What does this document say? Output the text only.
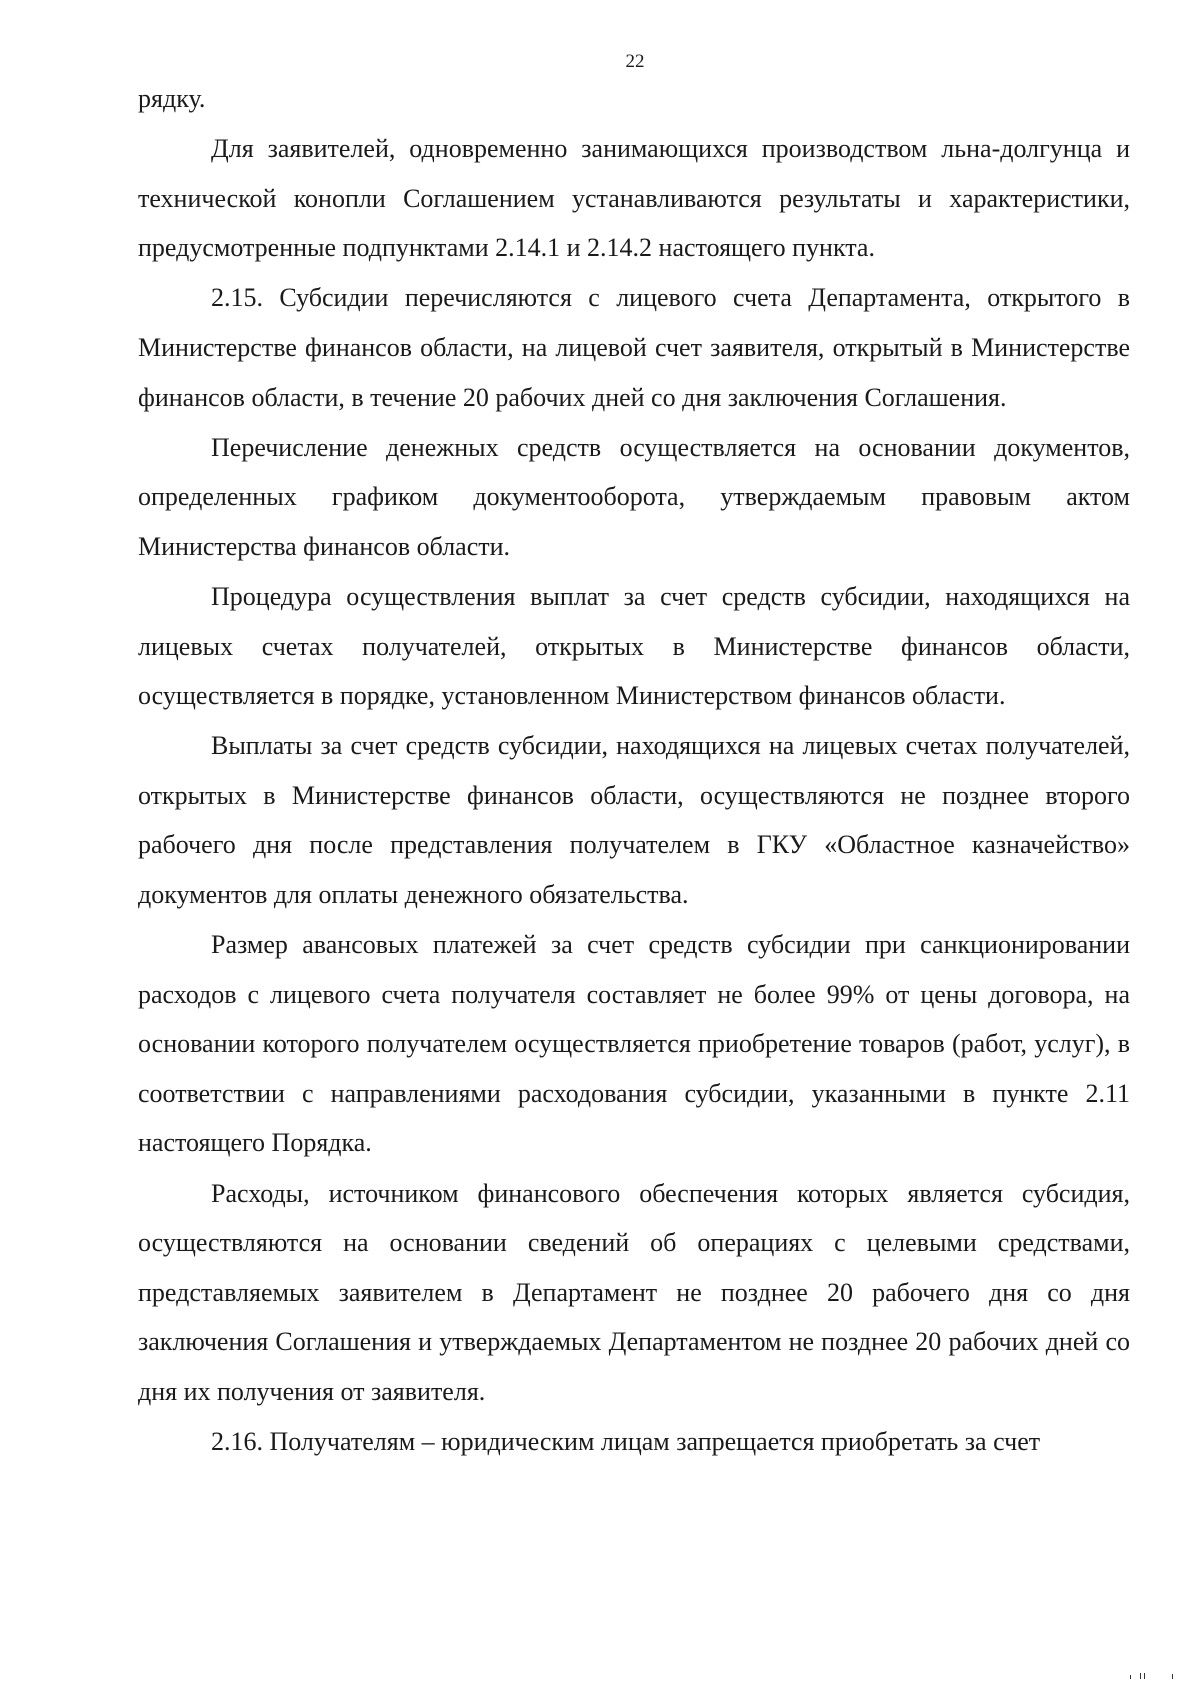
22

рядку.

Для заявителей, одновременно занимающихся производством льна-долгунца и технической конопли Соглашением устанавливаются результаты и характеристики, предусмотренные подпунктами 2.14.1 и 2.14.2 настоящего пункта.

2.15. Субсидии перечисляются с лицевого счета Департамента, открытого в Министерстве финансов области, на лицевой счет заявителя, открытый в Министерстве финансов области, в течение 20 рабочих дней со дня заключения Соглашения.

Перечисление денежных средств осуществляется на основании документов, определенных графиком документооборота, утверждаемым правовым актом Министерства финансов области.

Процедура осуществления выплат за счет средств субсидии, находящихся на лицевых счетах получателей, открытых в Министерстве финансов области, осуществляется в порядке, установленном Министерством финансов области.

Выплаты за счет средств субсидии, находящихся на лицевых счетах получателей, открытых в Министерстве финансов области, осуществляются не позднее второго рабочего дня после представления получателем в ГКУ «Областное казначейство» документов для оплаты денежного обязательства.

Размер авансовых платежей за счет средств субсидии при санкционировании расходов с лицевого счета получателя составляет не более 99% от цены договора, на основании которого получателем осуществляется приобретение товаров (работ, услуг), в соответствии с направлениями расходования субсидии, указанными в пункте 2.11 настоящего Порядка.

Расходы, источником финансового обеспечения которых является субсидия, осуществляются на основании сведений об операциях с целевыми средствами, представляемых заявителем в Департамент не позднее 20 рабочего дня со дня заключения Соглашения и утверждаемых Департаментом не позднее 20 рабочих дней со дня их получения от заявителя.

2.16. Получателям – юридическим лицам запрещается приобретать за счет
